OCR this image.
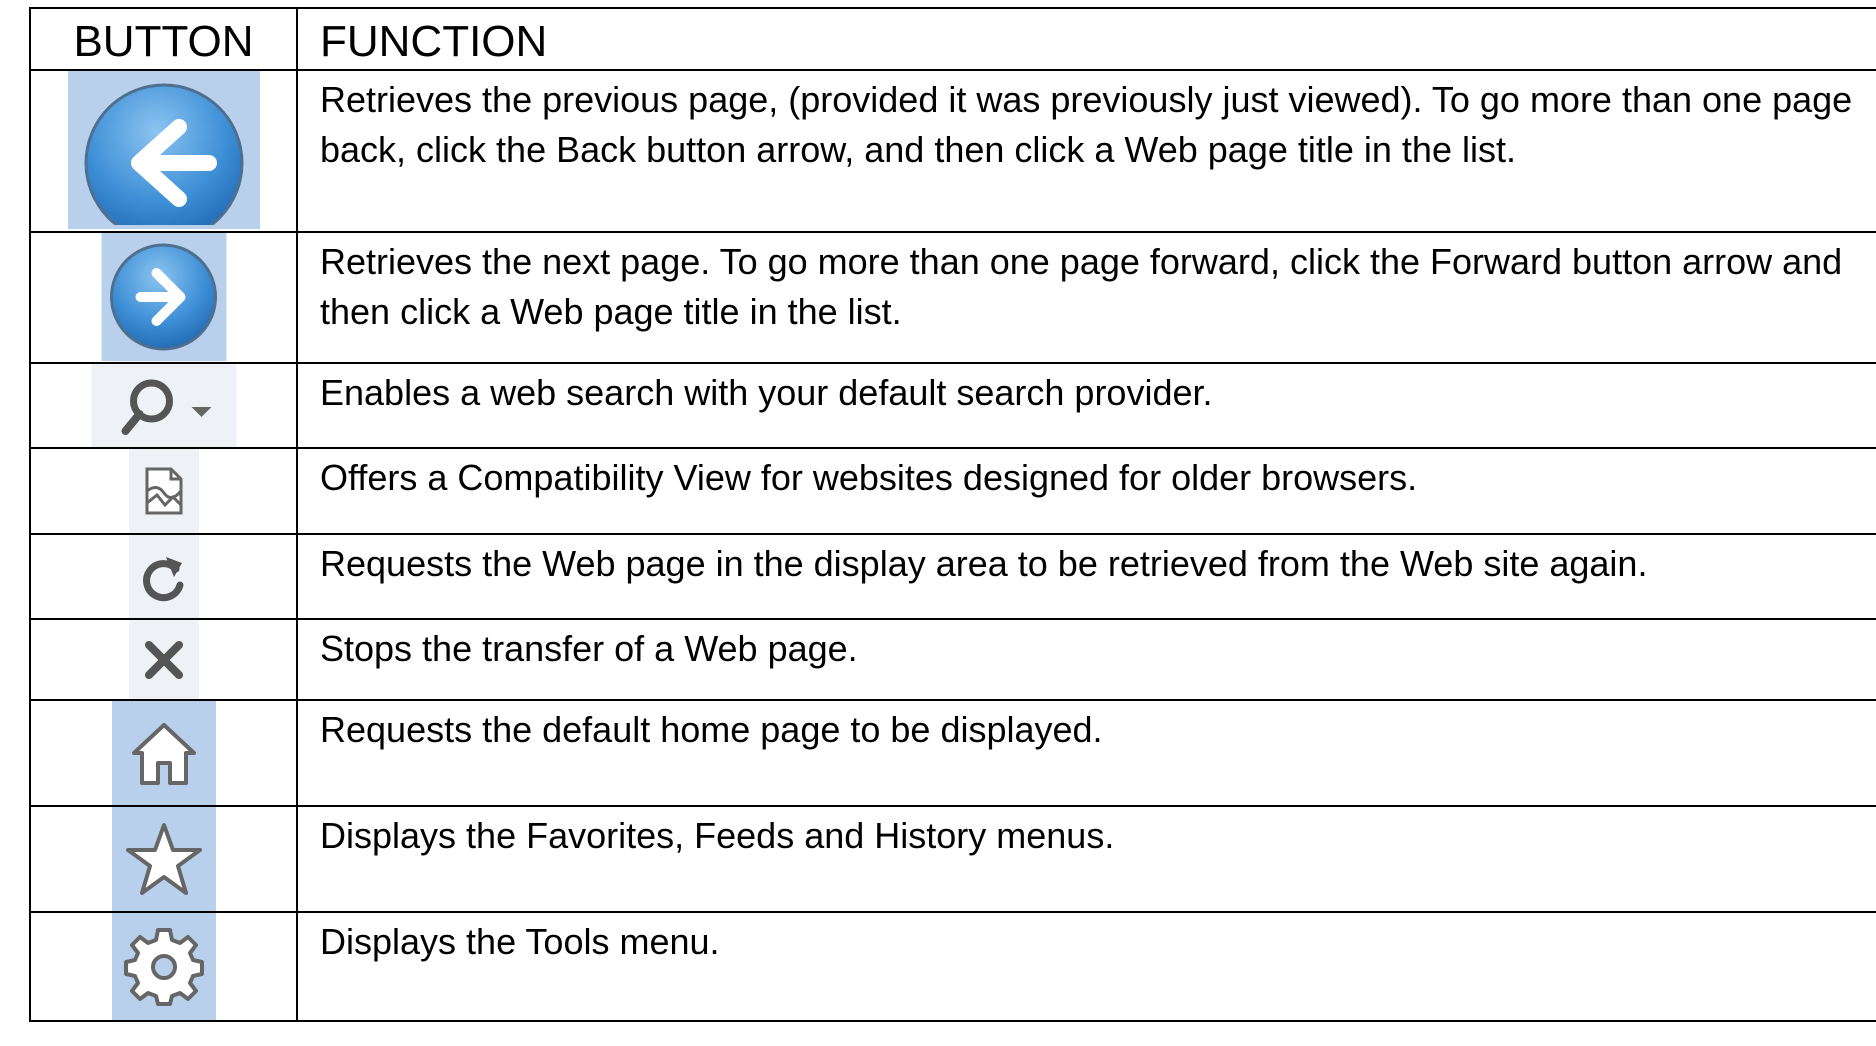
BUTTON	FUNCTION

	Retrieves the previous page, (provided it was previously just viewed). To go more than one page back, click the Back button arrow, and then click a Web page title in the list.

	Retrieves the next page. To go more than one page forward, click the Forward button arrow and then click a Web page title in the list.

	Enables a web search with your default search provider.

	Offers a Compatibility View for websites designed for older browsers.

	Requests the Web page in the display area to be retrieved from the Web site again.

	Stops the transfer of a Web page.

	Requests the default home page to be displayed.

	Displays the Favorites, Feeds and History menus.

	Displays the Tools menu.
